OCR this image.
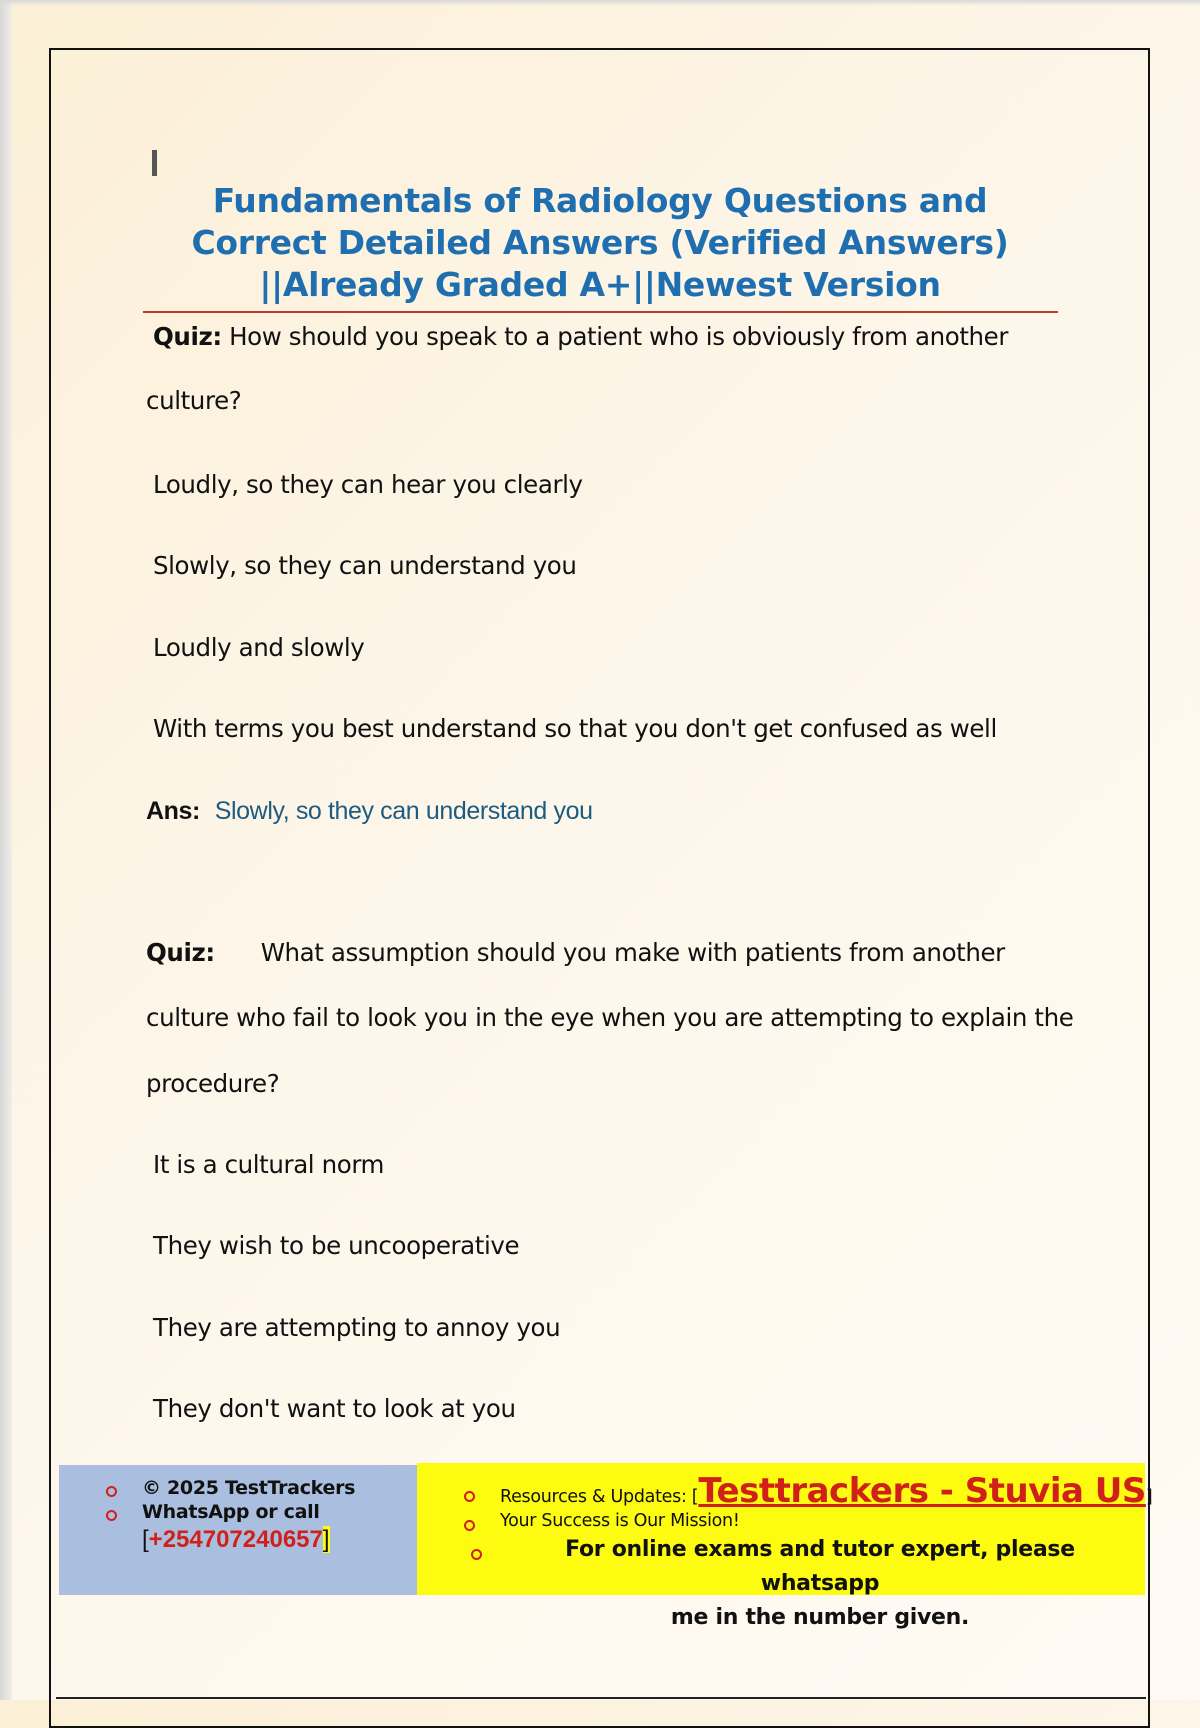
Fundamentals of Radiology Questions and Correct Detailed Answers (Verified Answers) ||Already Graded A+||Newest Version

Quiz: How should you speak to a patient who is obviously from another

culture?

Loudly, so they can hear you clearly

Slowly, so they can understand you

Loudly and slowly

With terms you best understand so that you don't get confused as well

Ans: Slowly, so they can understand you

Quiz: What assumption should you make with patients from another

culture who fail to look you in the eye when you are attempting to explain the

procedure?

It is a cultural norm

They wish to be uncooperative

They are attempting to annoy you

They don't want to look at you

© 2025 TestTrackers
WhatsApp or call
[+254707240657]
Resources & Updates: [Testtrackers - Stuvia US]
Your Success is Our Mission!
For online exams and tutor expert, please whatsapp
me in the number given.
